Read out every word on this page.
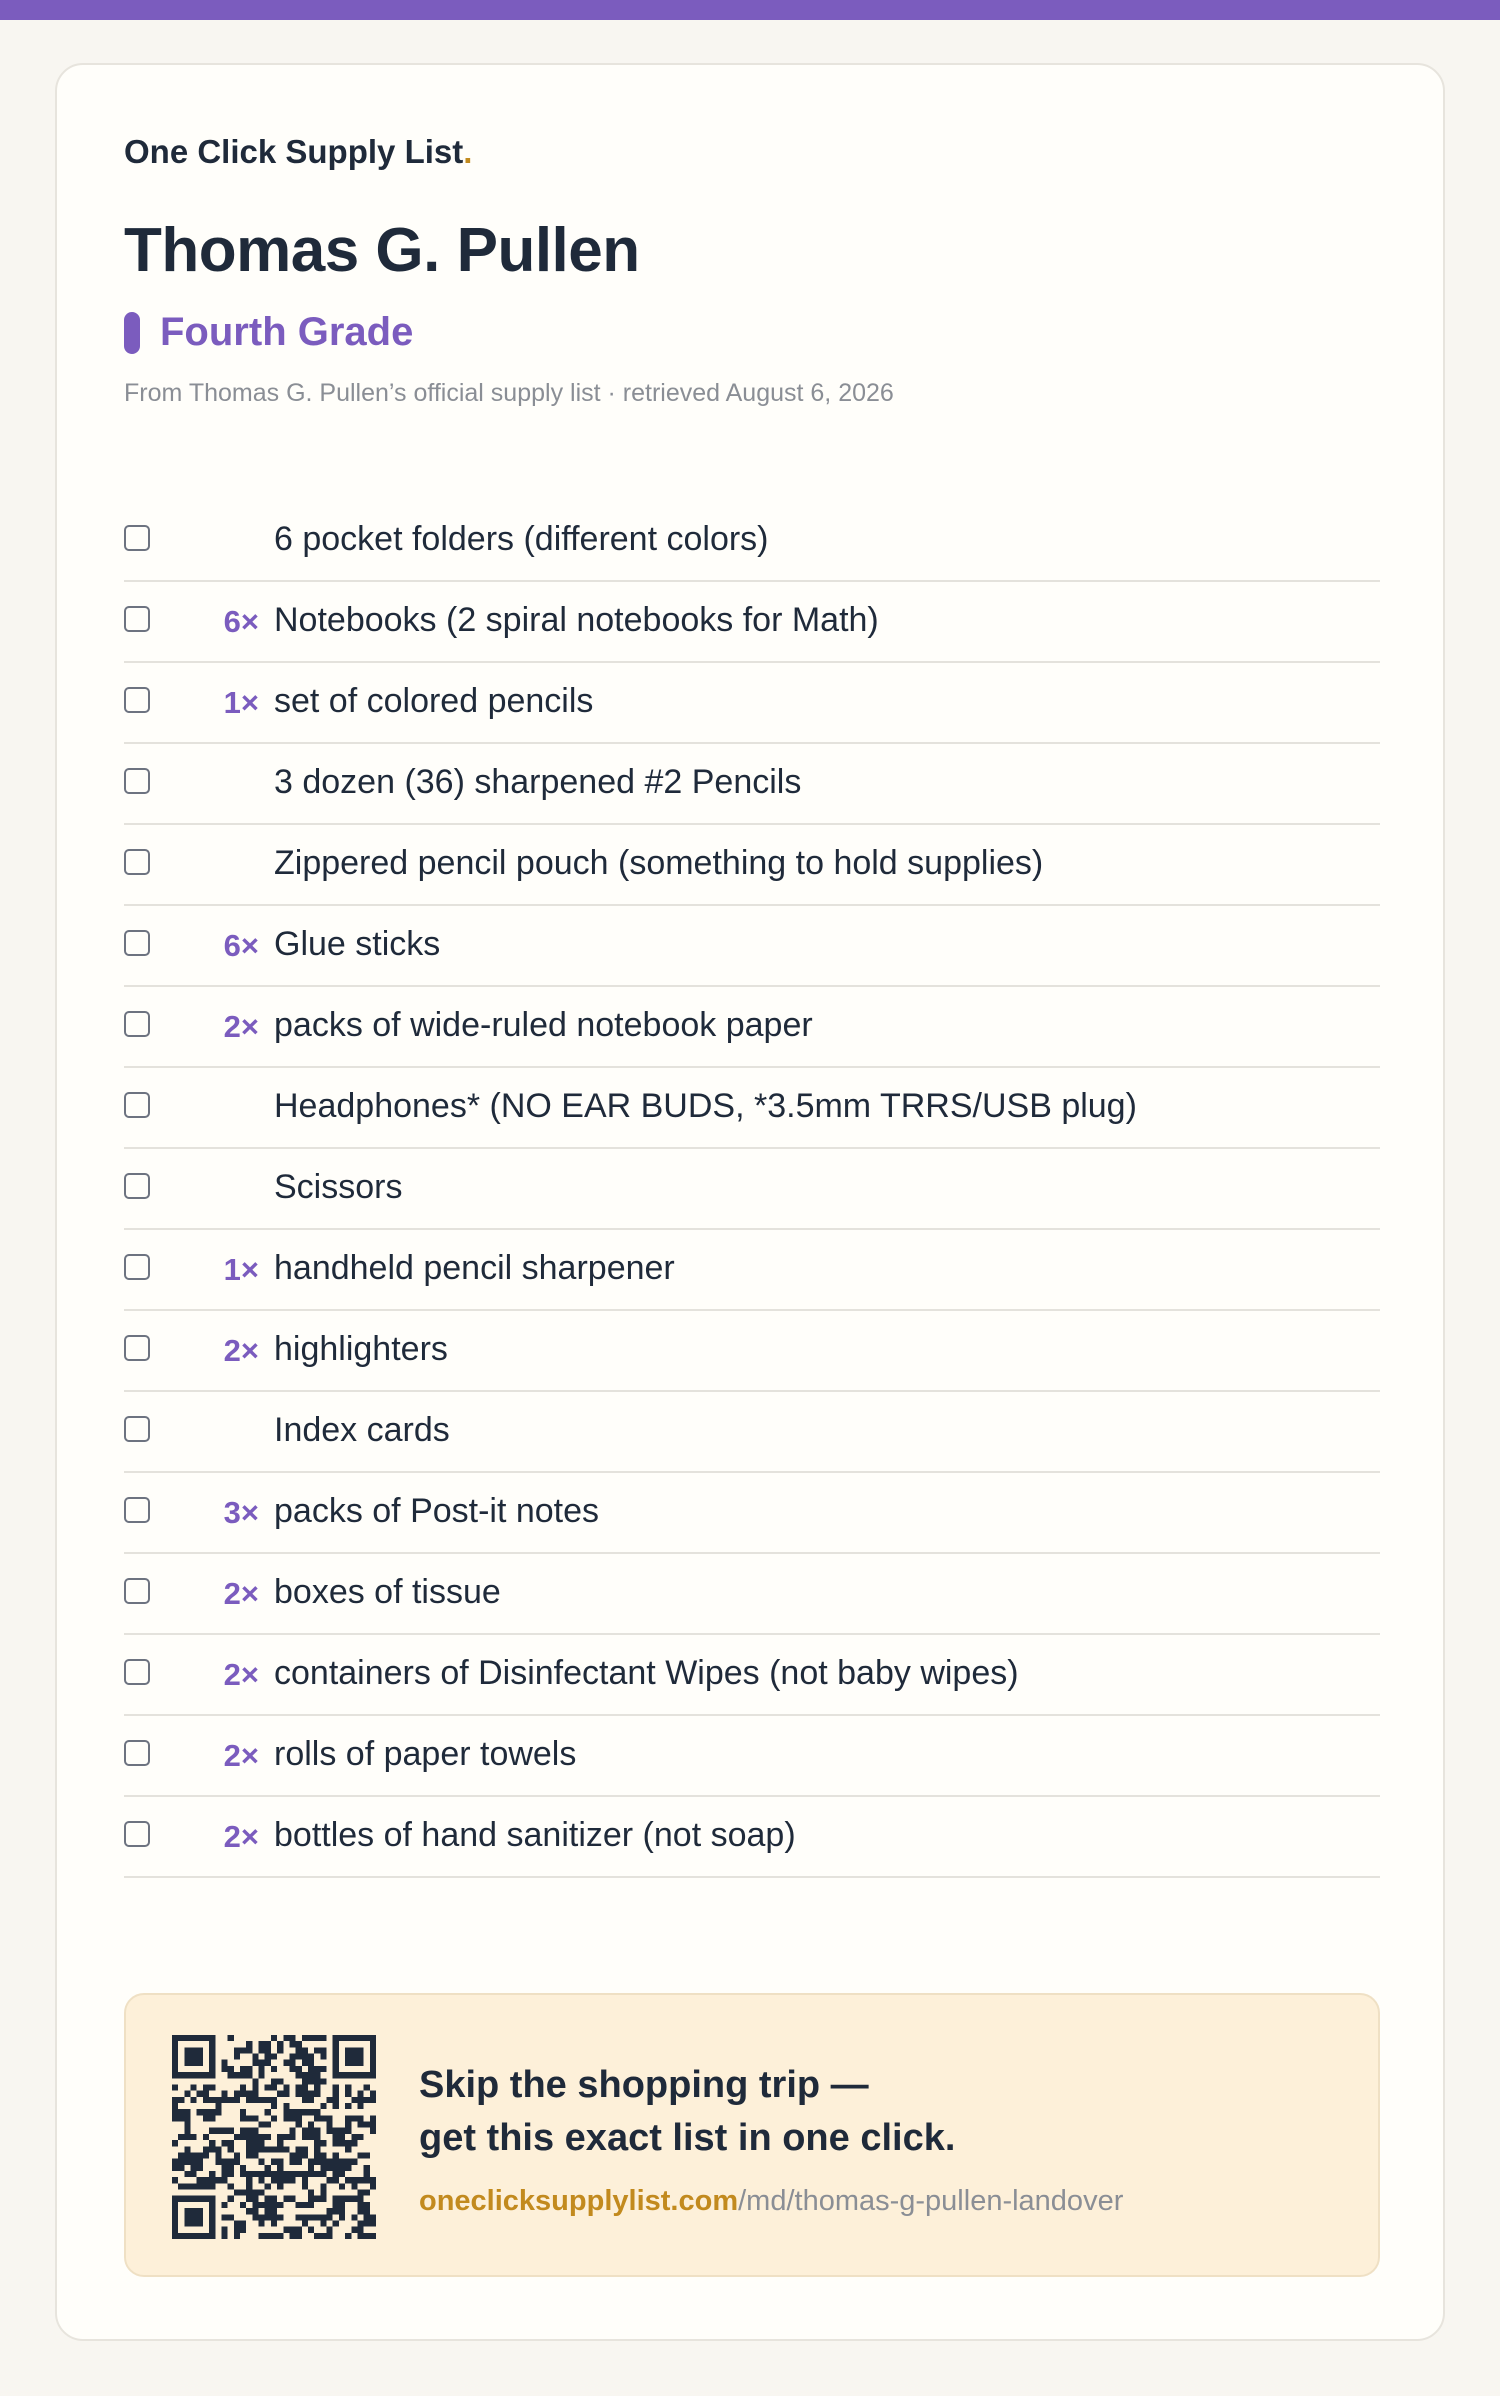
One Click Supply List.
Thomas G. Pullen
Fourth Grade
From Thomas G. Pullen’s official supply list · retrieved August 6, 2026
6 pocket folders (different colors)
6× Notebooks (2 spiral notebooks for Math)
1× set of colored pencils
3 dozen (36) sharpened #2 Pencils
Zippered pencil pouch (something to hold supplies)
6× Glue sticks
2× packs of wide-ruled notebook paper
Headphones* (NO EAR BUDS, *3.5mm TRRS/USB plug)
Scissors
1× handheld pencil sharpener
2× highlighters
Index cards
3× packs of Post-it notes
2× boxes of tissue
2× containers of Disinfectant Wipes (not baby wipes)
2× rolls of paper towels
2× bottles of hand sanitizer (not soap)
Skip the shopping trip —
get this exact list in one click.
oneclicksupplylist.com/md/thomas-g-pullen-landover
